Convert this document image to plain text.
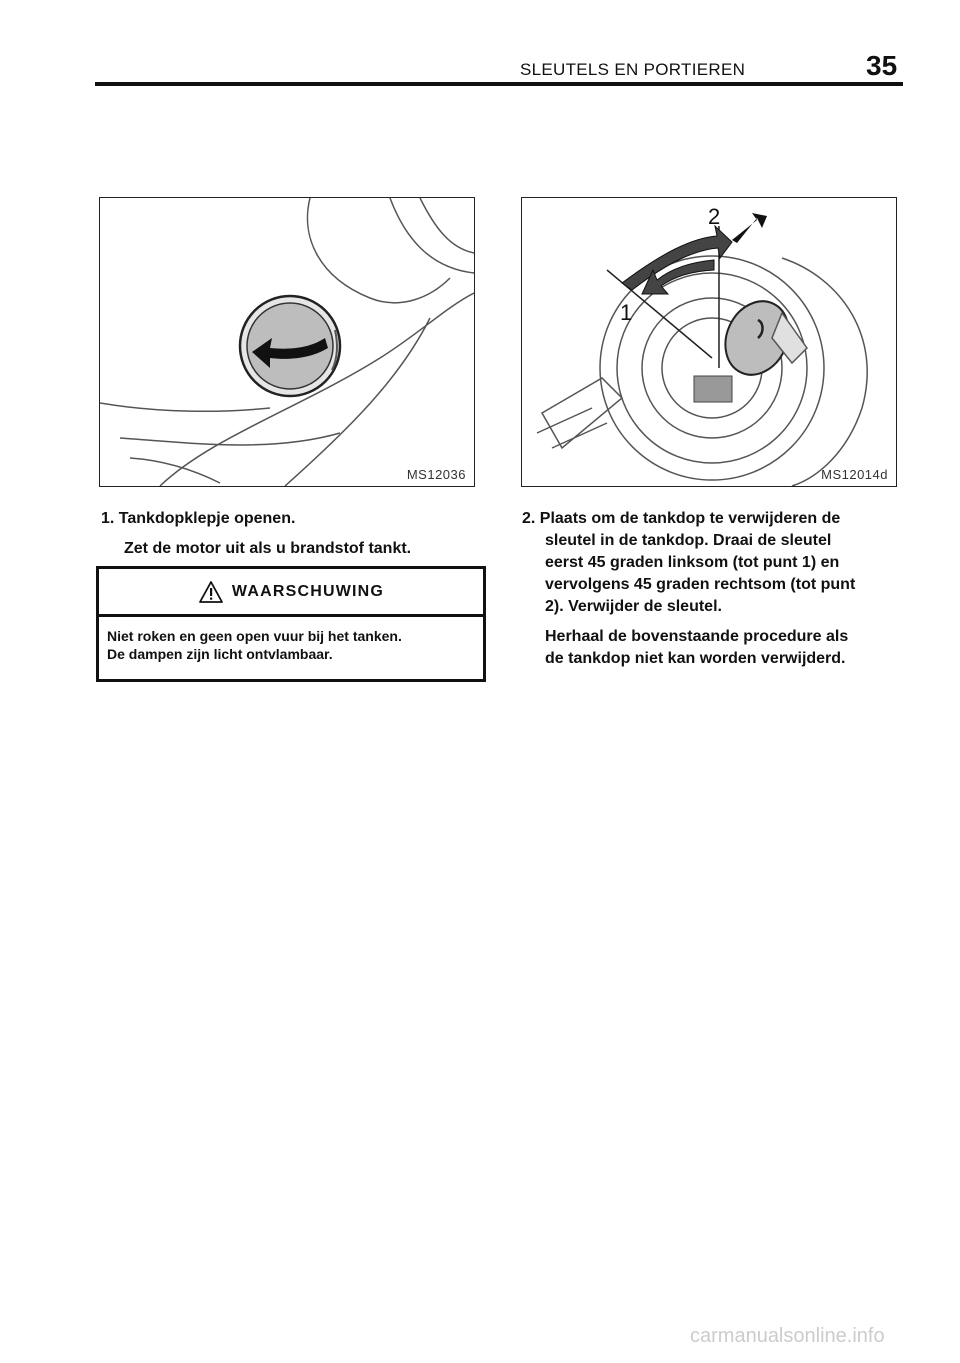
SLEUTELS EN PORTIEREN	35
MS12036
2
1
MS12014d
1. Tankdopklepje openen.
Zet de motor uit als u brandstof tankt.
WAARSCHUWING
Niet roken en geen open vuur bij het tanken.
De dampen zijn licht ontvlambaar.
2. Plaats om de tankdop te verwijderen de
sleutel in de tankdop. Draai de sleutel
eerst 45 graden linksom (tot punt 1) en
vervolgens 45 graden rechtsom (tot punt
2). Verwijder de sleutel.
Herhaal de bovenstaande procedure als
de tankdop niet kan worden verwijderd.
carmanualsonline.info
